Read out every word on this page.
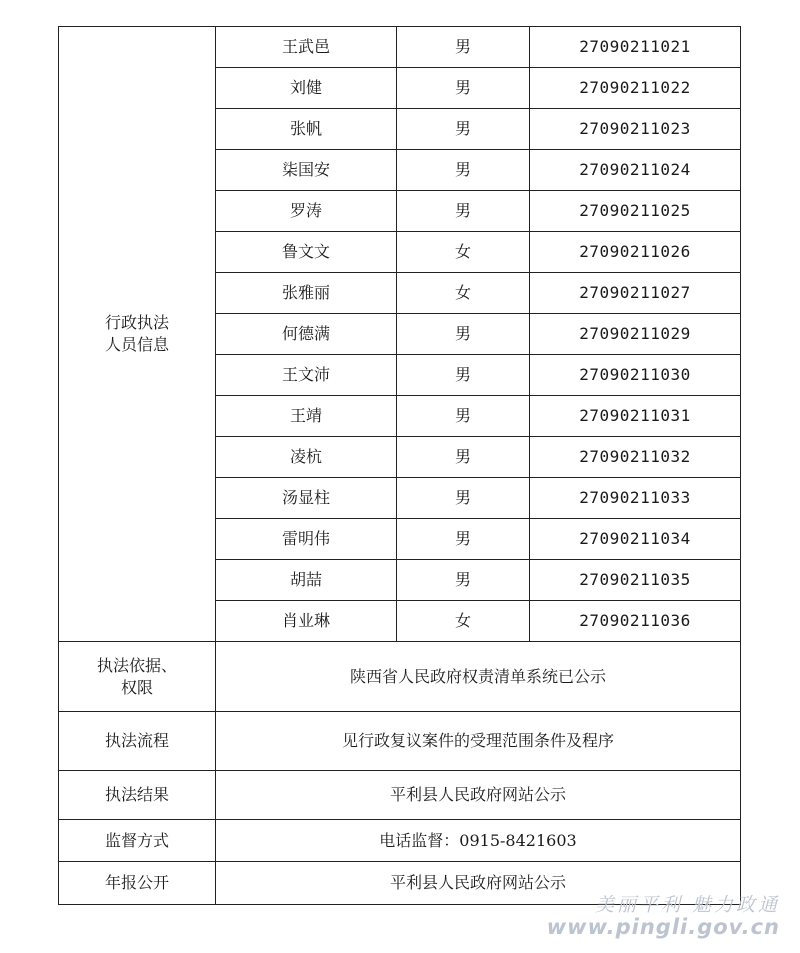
行政执法
人员信息	王武邑	男	27090211021
	刘健	男	27090211022
	张帆	男	27090211023
	柒国安	男	27090211024
	罗涛	男	27090211025
	鲁文文	女	27090211026
	张雅丽	女	27090211027
	何德满	男	27090211029
	王文沛	男	27090211030
	王靖	男	27090211031
	凌杭	男	27090211032
	汤显柱	男	27090211033
	雷明伟	男	27090211034
	胡喆	男	27090211035
	肖业琳	女	27090211036
执法依据、
权限	陕西省人民政府权责清单系统已公示		
执法流程	见行政复议案件的受理范围条件及程序		
执法结果	平利县人民政府网站公示		
监督方式	电话监督：0915-8421603		
年报公开	平利县人民政府网站公示		
美丽平利 魅力政通
www.pingli.gov.cn
